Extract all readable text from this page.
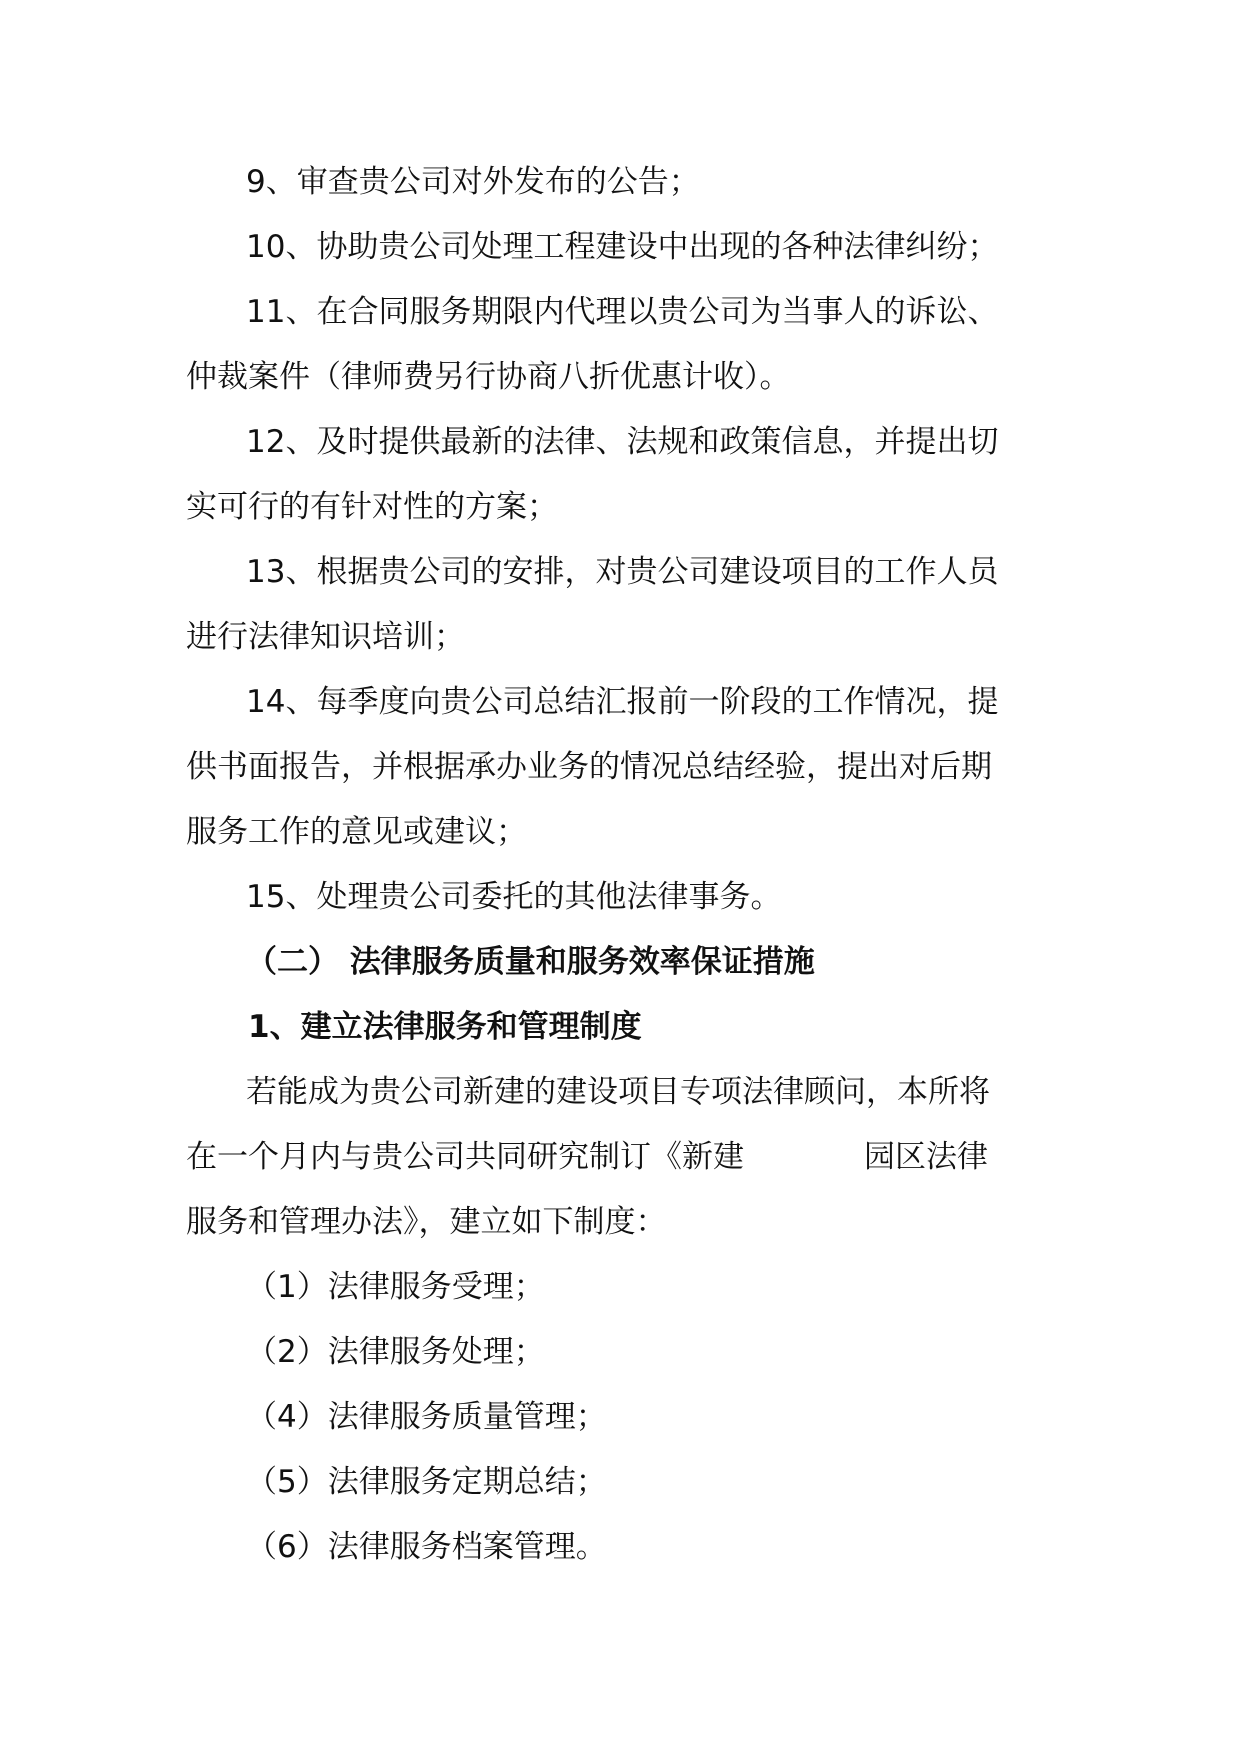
9、审查贵公司对外发布的公告；
10、协助贵公司处理工程建设中出现的各种法律纠纷；
11、在合同服务期限内代理以贵公司为当事人的诉讼、
仲裁案件（律师费另行协商八折优惠计收）。
12、及时提供最新的法律、法规和政策信息，并提出切
实可行的有针对性的方案；
13、根据贵公司的安排，对贵公司建设项目的工作人员
进行法律知识培训；
14、每季度向贵公司总结汇报前一阶段的工作情况，提
供书面报告，并根据承办业务的情况总结经验，提出对后期
服务工作的意见或建议；
15、处理贵公司委托的其他法律事务。
（二） 法律服务质量和服务效率保证措施
1、建立法律服务和管理制度
若能成为贵公司新建的建设项目专项法律顾问，本所将
在一个月内与贵公司共同研究制订《新建	园区法律
服务和管理办法》，建立如下制度：
（1）法律服务受理；
（2）法律服务处理；
（4）法律服务质量管理；
（5）法律服务定期总结；
（6）法律服务档案管理。
